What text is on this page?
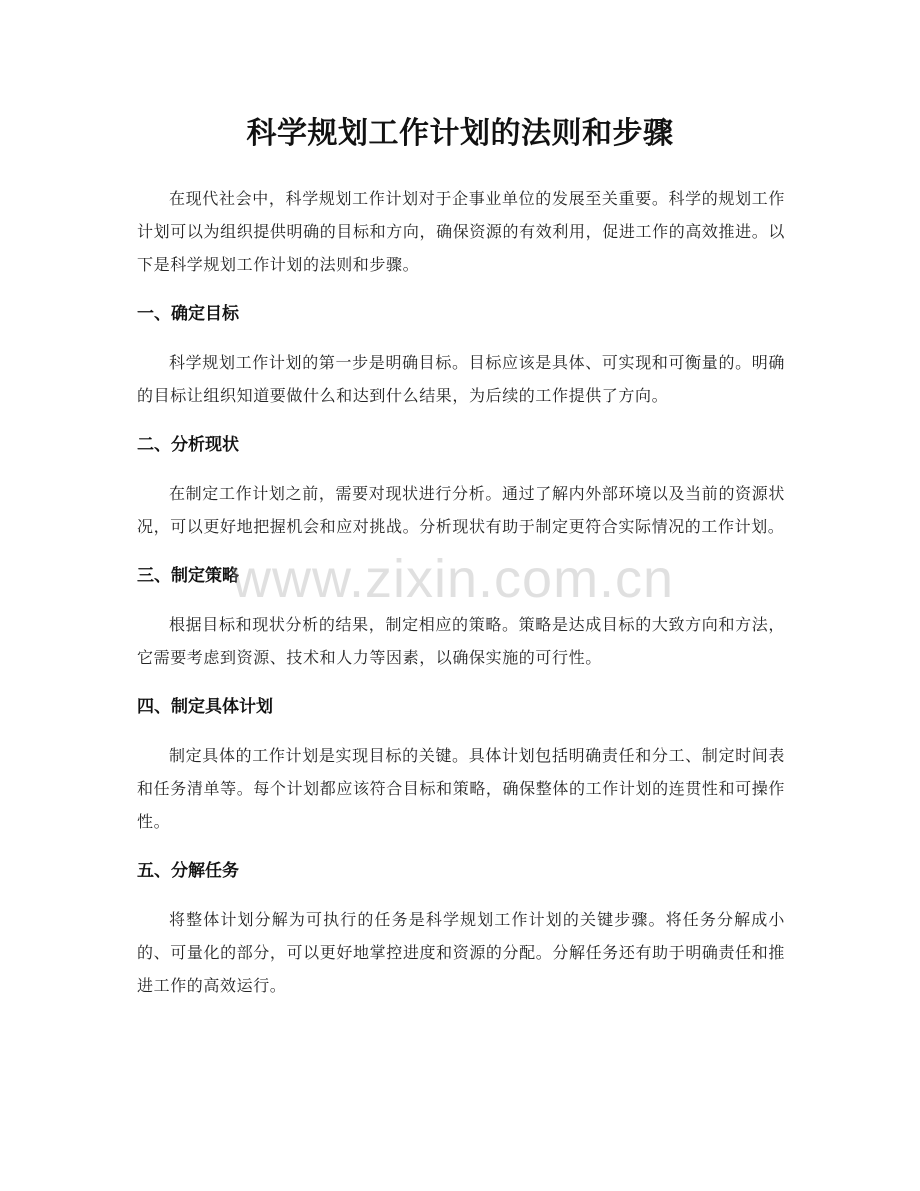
科学规划工作计划的法则和步骤

在现代社会中，科学规划工作计划对于企事业单位的发展至关重要。科学的规划工作计划可以为组织提供明确的目标和方向，确保资源的有效利用，促进工作的高效推进。以下是科学规划工作计划的法则和步骤。

一、确定目标

科学规划工作计划的第一步是明确目标。目标应该是具体、可实现和可衡量的。明确的目标让组织知道要做什么和达到什么结果，为后续的工作提供了方向。

二、分析现状

在制定工作计划之前，需要对现状进行分析。通过了解内外部环境以及当前的资源状况，可以更好地把握机会和应对挑战。分析现状有助于制定更符合实际情况的工作计划。

三、制定策略

根据目标和现状分析的结果，制定相应的策略。策略是达成目标的大致方向和方法，它需要考虑到资源、技术和人力等因素，以确保实施的可行性。

四、制定具体计划

制定具体的工作计划是实现目标的关键。具体计划包括明确责任和分工、制定时间表和任务清单等。每个计划都应该符合目标和策略，确保整体的工作计划的连贯性和可操作性。

五、分解任务

将整体计划分解为可执行的任务是科学规划工作计划的关键步骤。将任务分解成小的、可量化的部分，可以更好地掌控进度和资源的分配。分解任务还有助于明确责任和推进工作的高效运行。

www.zixin.com.cn
